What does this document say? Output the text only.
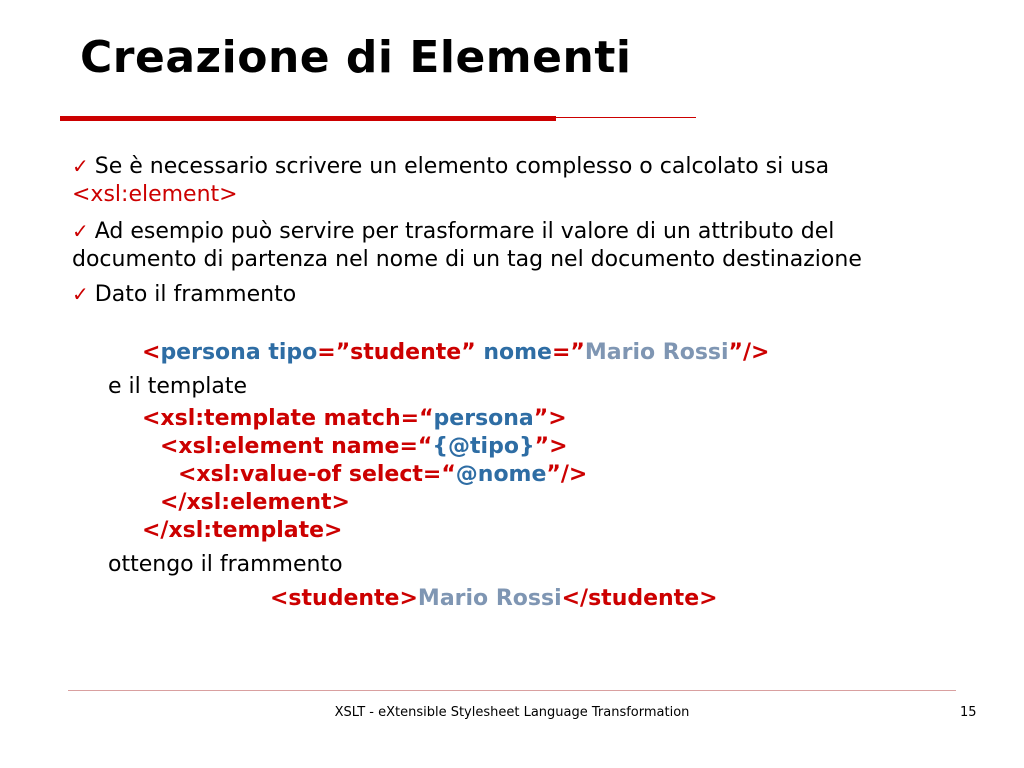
Creazione di Elementi
✓ Se è necessario scrivere un elemento complesso o calcolato si usa <xsl:element>
✓ Ad esempio può servire per trasformare il valore di un attributo del documento di partenza nel nome di un tag nel documento destinazione
✓ Dato il frammento
<persona tipo=”studente” nome=”Mario Rossi”/>
e il template
<xsl:template match=“persona”>
<xsl:element name=“{@tipo}”>
<xsl:value-of select=“@nome”/>
</xsl:element>
</xsl:template>
ottengo il frammento
<studente>Mario Rossi</studente>
XSLT - eXtensible Stylesheet Language Transformation	15
